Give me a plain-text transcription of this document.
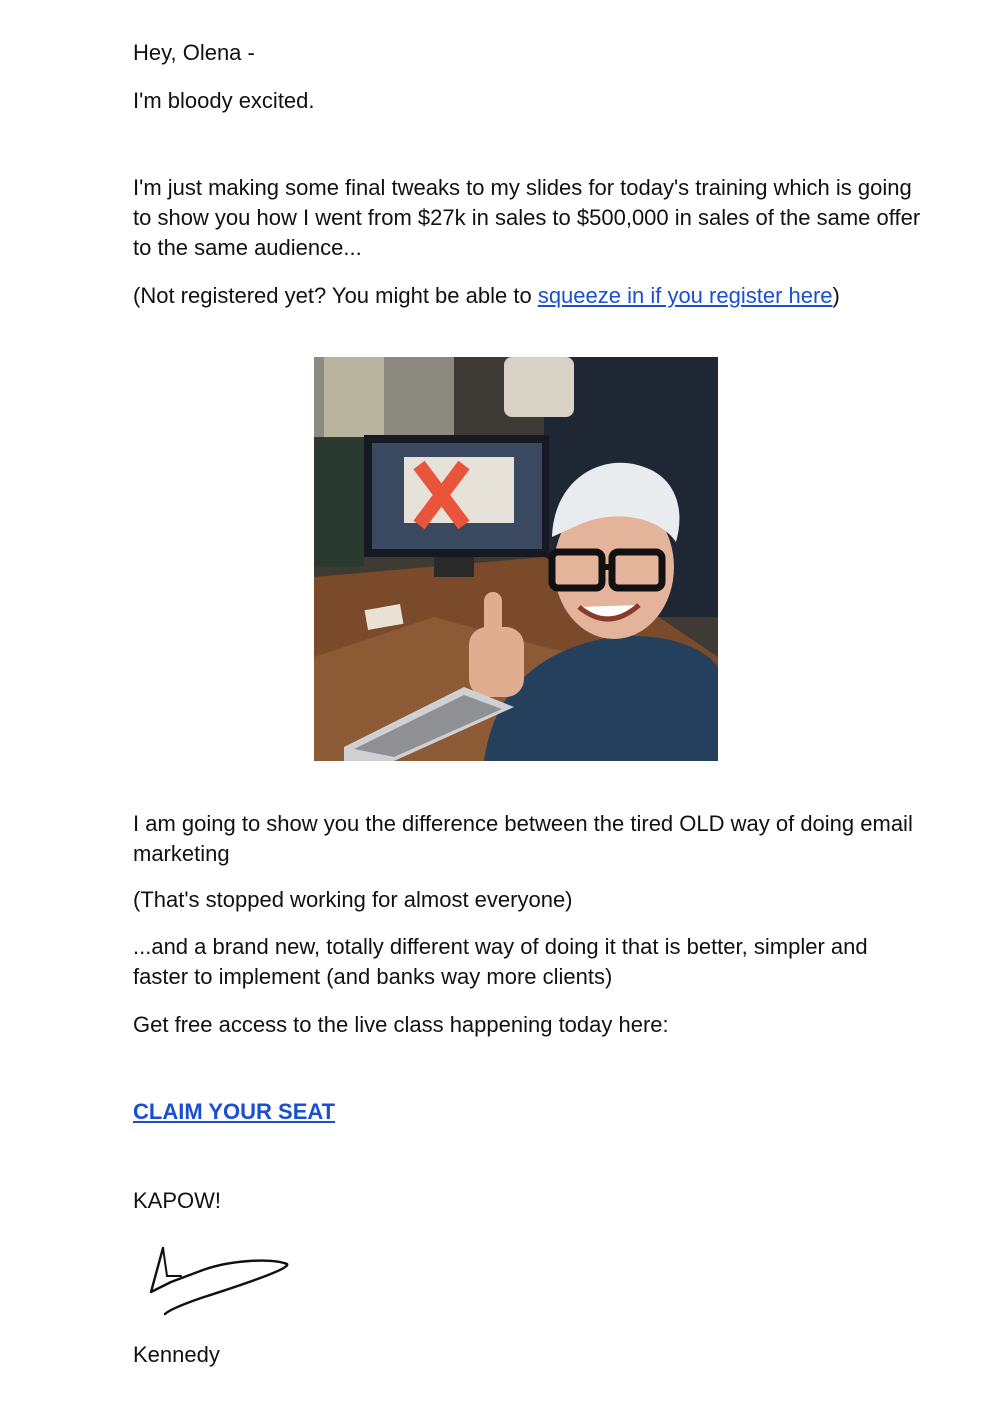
Hey, Olena -

I'm bloody excited.

I'm just making some final tweaks to my slides for today's training which is going to show you how I went from $27k in sales to $500,000 in sales of the same offer to the same audience...

(Not registered yet? You might be able to squeeze in if you register here)

I am going to show you the difference between the tired OLD way of doing email marketing

(That's stopped working for almost everyone)

...and a brand new, totally different way of doing it that is better, simpler and faster to implement (and banks way more clients)

Get free access to the live class happening today here:

CLAIM YOUR SEAT

KAPOW!

Kennedy
